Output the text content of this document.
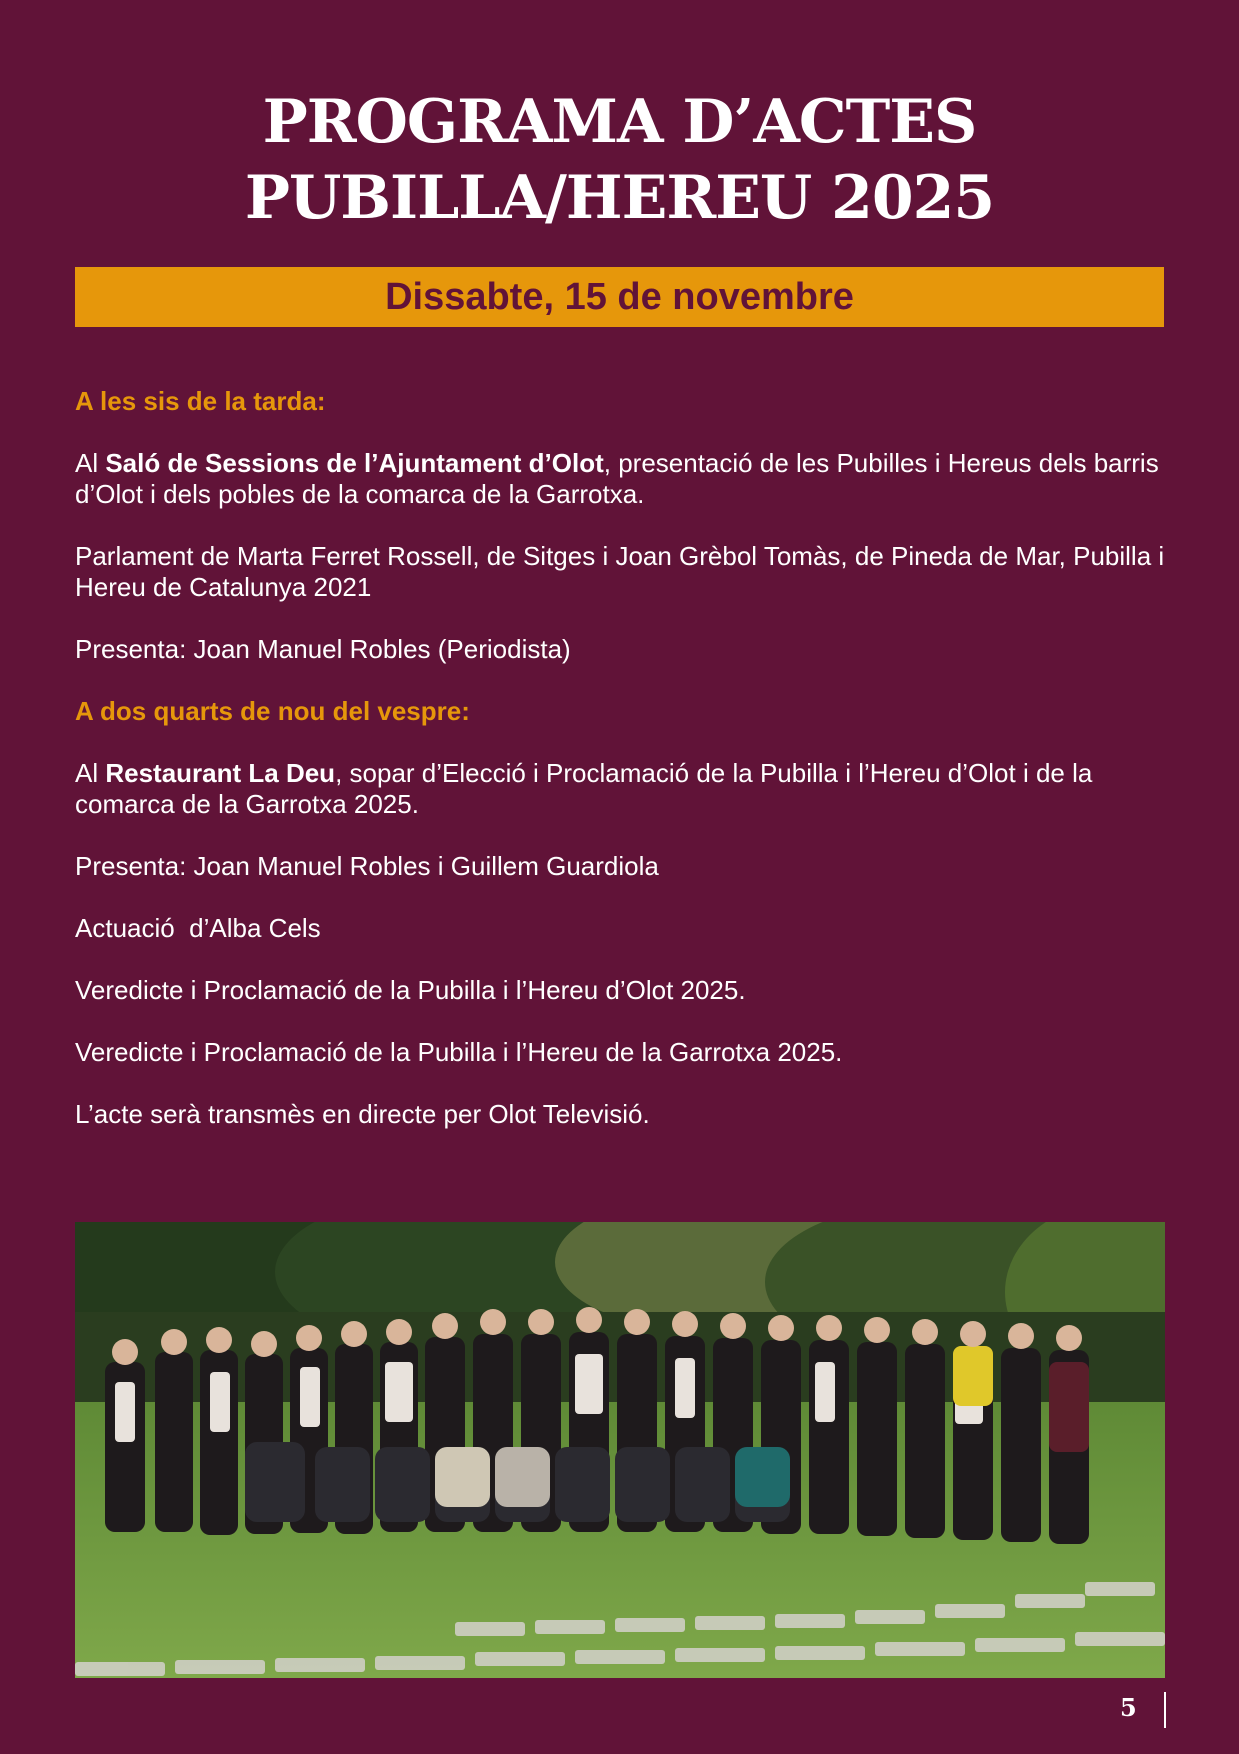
PROGRAMA D’ACTES
PUBILLA/HEREU 2025
Dissabte, 15 de novembre

A les sis de la tarda:

Al Saló de Sessions de l’Ajuntament d’Olot, presentació de les Pubilles i Hereus dels barris d’Olot i dels pobles de la comarca de la Garrotxa.

Parlament de Marta Ferret Rossell, de Sitges i Joan Grèbol Tomàs, de Pineda de Mar, Pubilla i Hereu de Catalunya 2021

Presenta: Joan Manuel Robles (Periodista)

A dos quarts de nou del vespre:

Al Restaurant La Deu, sopar d’Elecció i Proclamació de la Pubilla i l’Hereu d’Olot i de la comarca de la Garrotxa 2025.

Presenta: Joan Manuel Robles i Guillem Guardiola

Actuació  d’Alba Cels

Veredicte i Proclamació de la Pubilla i l’Hereu d’Olot 2025.

Veredicte i Proclamació de la Pubilla i l’Hereu de la Garrotxa 2025.

L’acte serà transmès en directe per Olot Televisió.

5
